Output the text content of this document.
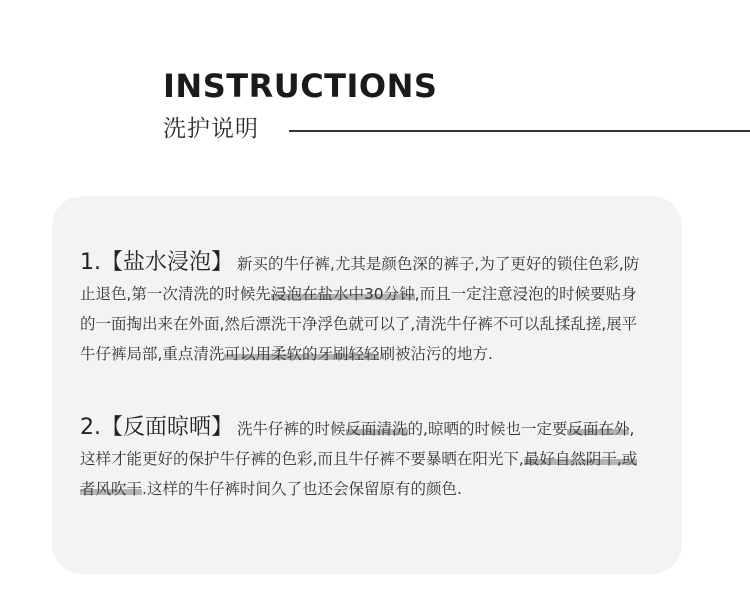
INSTRUCTIONS
洗护说明
1.【盐水浸泡】 新买的牛仔裤,尤其是颜色深的裤子,为了更好的锁住色彩,防止退色,第一次清洗的时候先浸泡在盐水中30分钟,而且一定注意浸泡的时候要贴身的一面掏出来在外面,然后漂洗干净浮色就可以了,清洗牛仔裤不可以乱揉乱搓,展平牛仔裤局部,重点清洗可以用柔软的牙刷轻轻刷被沾污的地方.
2.【反面晾晒】 洗牛仔裤的时候反面清洗的,晾晒的时候也一定要反面在外,这样才能更好的保护牛仔裤的色彩,而且牛仔裤不要暴晒在阳光下,最好自然阴干,或者风吹干.这样的牛仔裤时间久了也还会保留原有的颜色.
